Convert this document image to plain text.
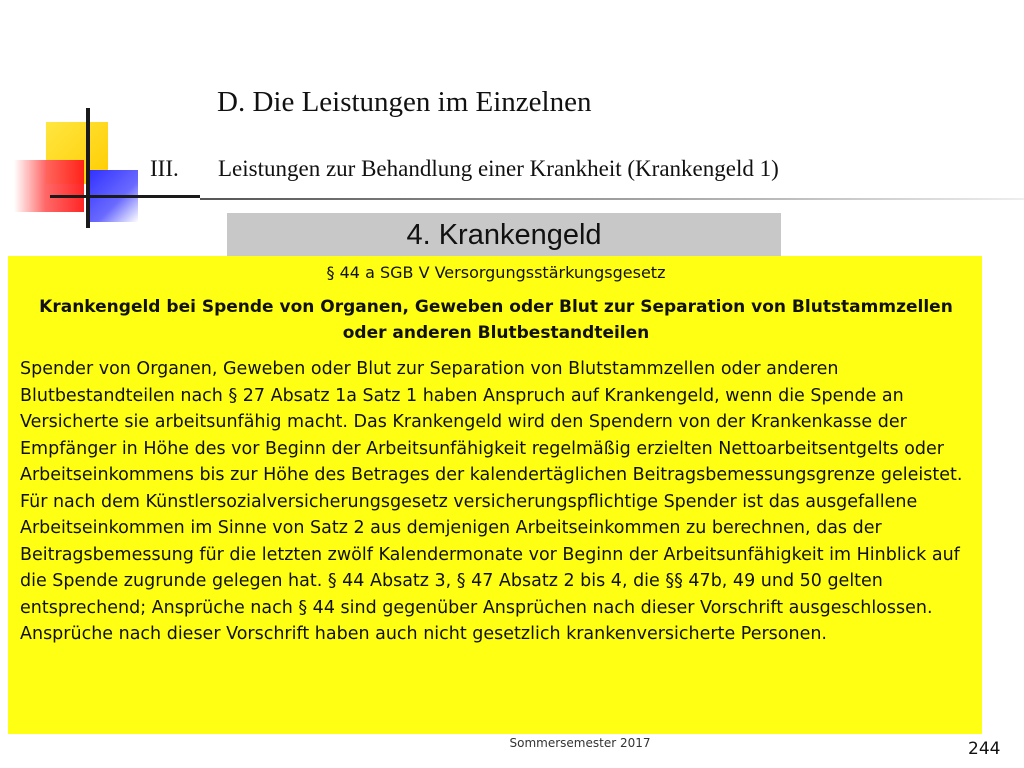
D. Die Leistungen im Einzelnen
III. Leistungen zur Behandlung einer Krankheit (Krankengeld 1)
4. Krankengeld
Sommersemester 2017	244
§ 44 a SGB V Versorgungsstärkungsgesetz
Krankengeld bei Spende von Organen, Geweben oder Blut zur Separation von Blutstammzellen oder anderen Blutbestandteilen

Spender von Organen, Geweben oder Blut zur Separation von Blutstammzellen oder anderen Blutbestandteilen nach § 27 Absatz 1a Satz 1 haben Anspruch auf Krankengeld, wenn die Spende an Versicherte sie arbeitsunfähig macht. Das Krankengeld wird den Spendern von der Krankenkasse der Empfänger in Höhe des vor Beginn der Arbeitsunfähigkeit regelmäßig erzielten Nettoarbeitsentgelts oder Arbeitseinkommens bis zur Höhe des Betrages der kalendertäglichen Beitragsbemessungsgrenze geleistet. Für nach dem Künstlersozialversicherungsgesetz versicherungspflichtige Spender ist das ausgefallene Arbeitseinkommen im Sinne von Satz 2 aus demjenigen Arbeitseinkommen zu berechnen, das der Beitragsbemessung für die letzten zwölf Kalendermonate vor Beginn der Arbeitsunfähigkeit im Hinblick auf die Spende zugrunde gelegen hat. § 44 Absatz 3, § 47 Absatz 2 bis 4, die §§ 47b, 49 und 50 gelten entsprechend; Ansprüche nach § 44 sind gegenüber Ansprüchen nach dieser Vorschrift ausgeschlossen. Ansprüche nach dieser Vorschrift haben auch nicht gesetzlich krankenversicherte Personen.
